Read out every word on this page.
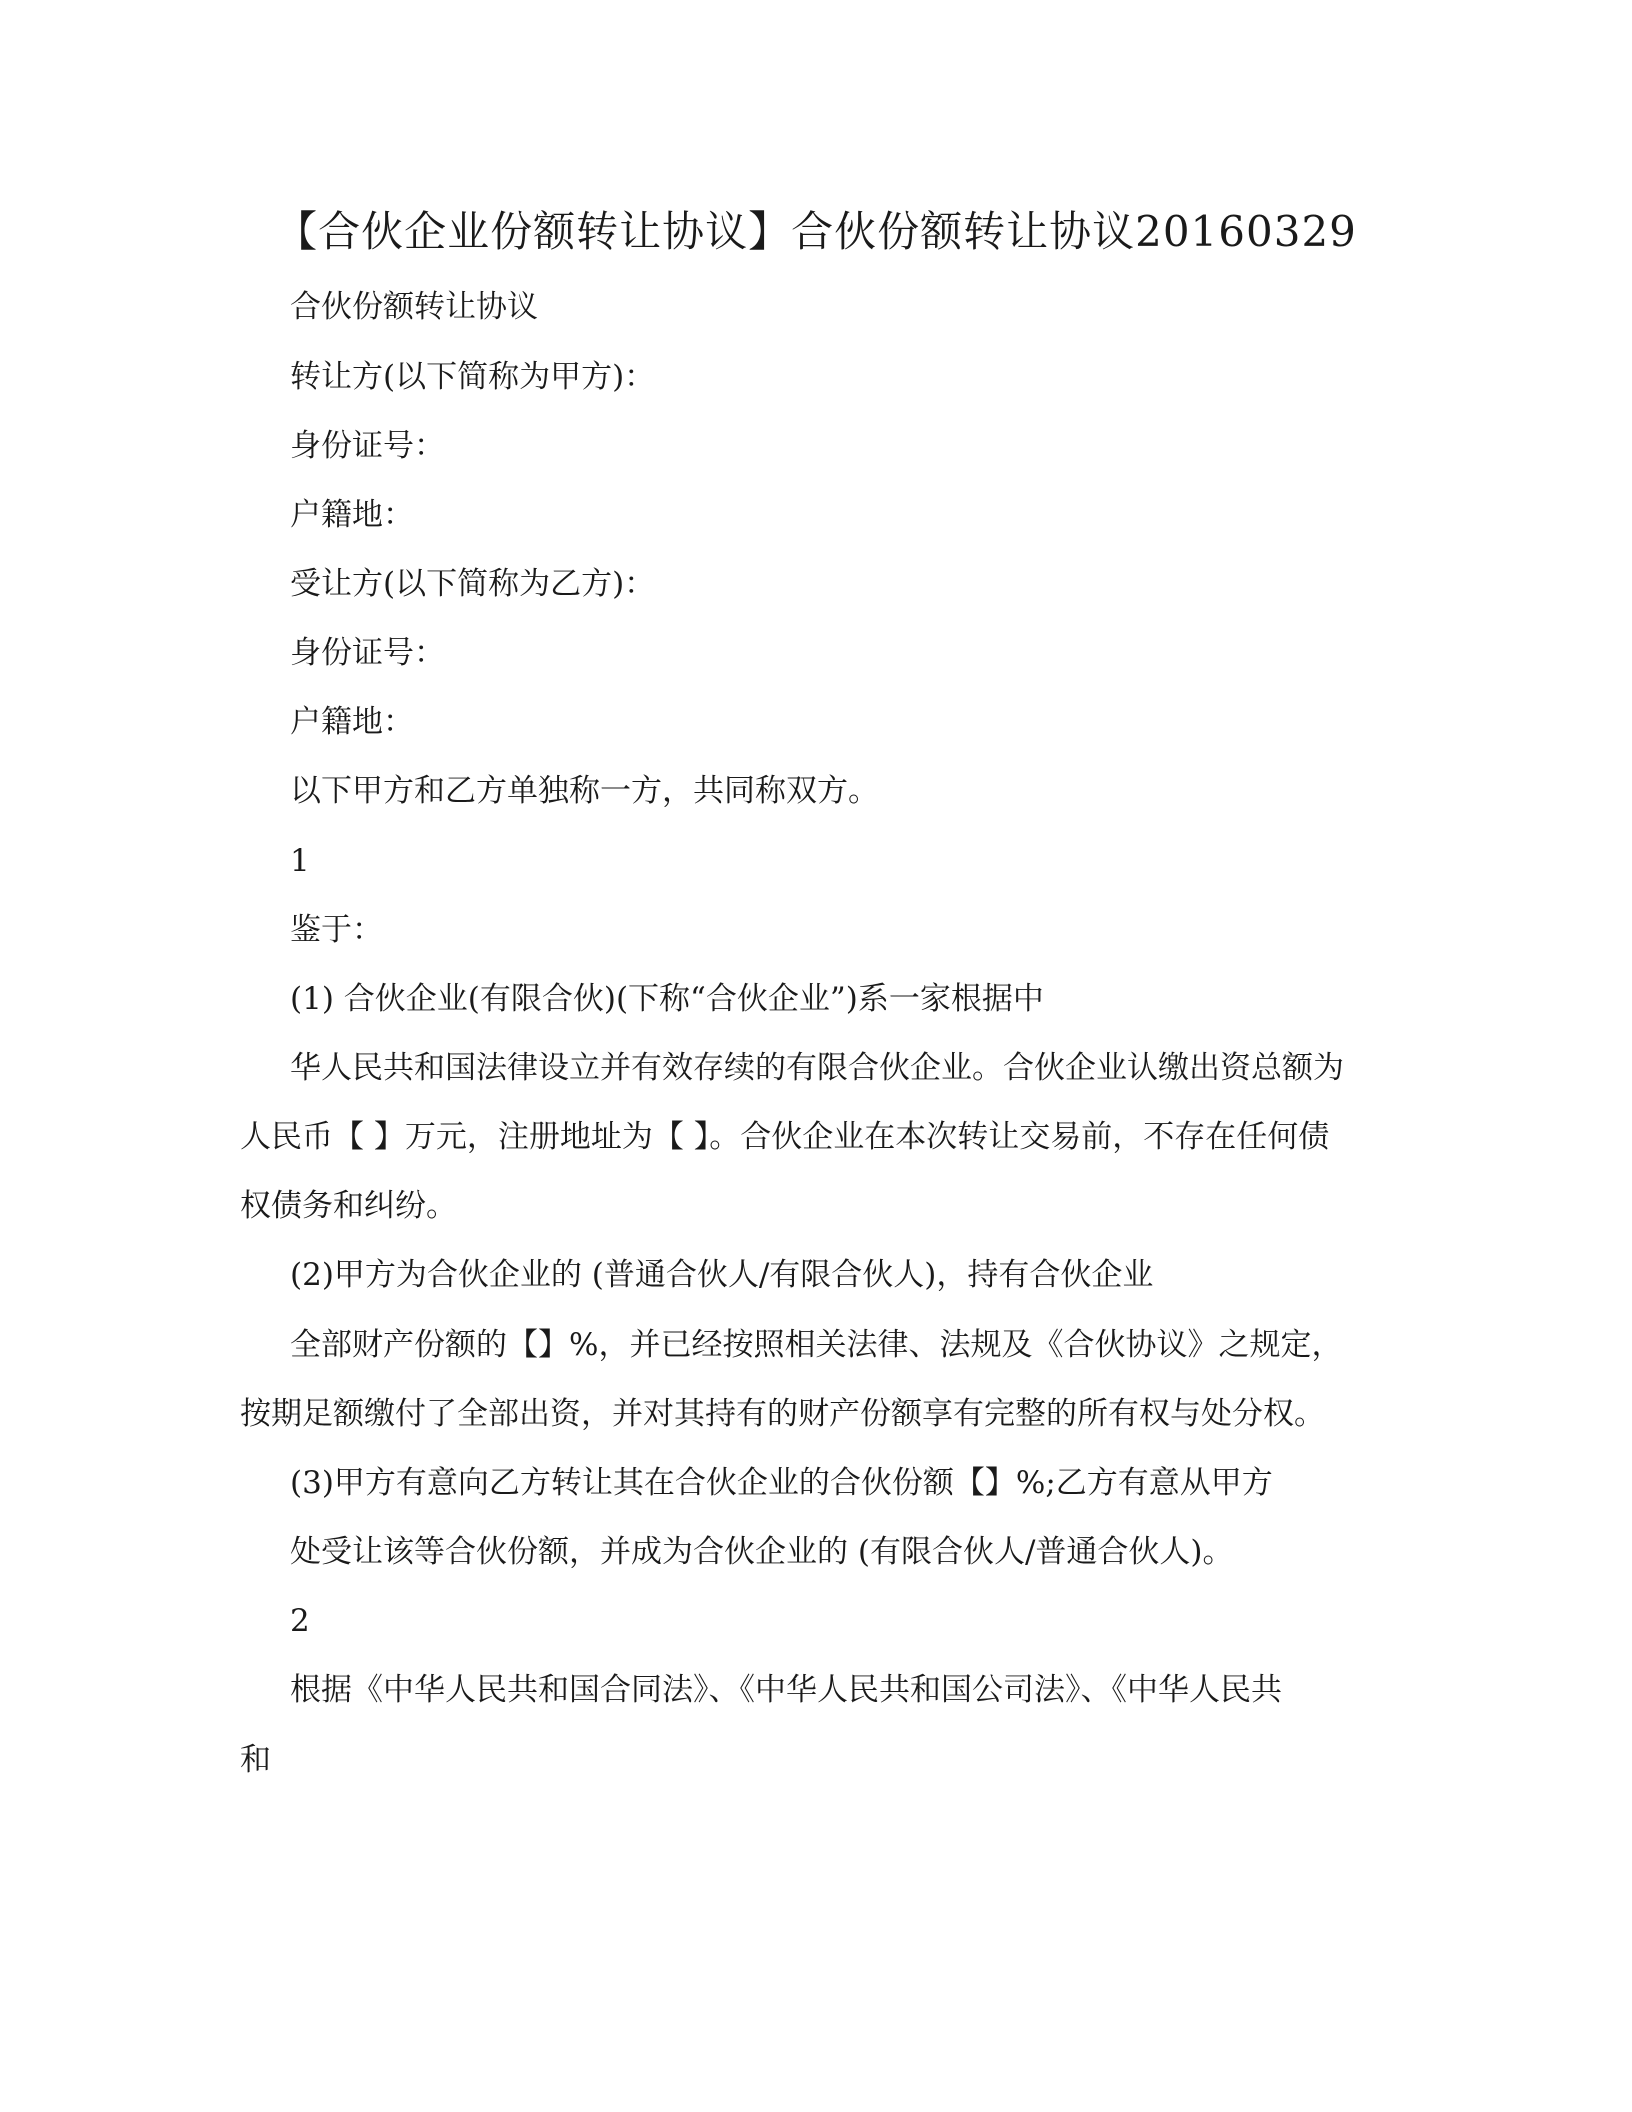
【合伙企业份额转让协议】合伙份额转让协议20160329

合伙份额转让协议

转让方(以下简称为甲方)：

身份证号：

户籍地：

受让方(以下简称为乙方)：

身份证号：

户籍地：

以下甲方和乙方单独称一方，共同称双方。

1

鉴于：

(1) 合伙企业(有限合伙)(下称“合伙企业”)系一家根据中

华人民共和国法律设立并有效存续的有限合伙企业。合伙企业认缴出资总额为

人民币【 】万元，注册地址为【 】。合伙企业在本次转让交易前，不存在任何债

权债务和纠纷。

(2)甲方为合伙企业的 (普通合伙人/有限合伙人)，持有合伙企业

全部财产份额的【】%，并已经按照相关法律、法规及《合伙协议》之规定，

按期足额缴付了全部出资，并对其持有的财产份额享有完整的所有权与处分权。

(3)甲方有意向乙方转让其在合伙企业的合伙份额【】%;乙方有意从甲方

处受让该等合伙份额，并成为合伙企业的 (有限合伙人/普通合伙人)。

2

根据《中华人民共和国合同法》、《中华人民共和国公司法》、《中华人民共

和
